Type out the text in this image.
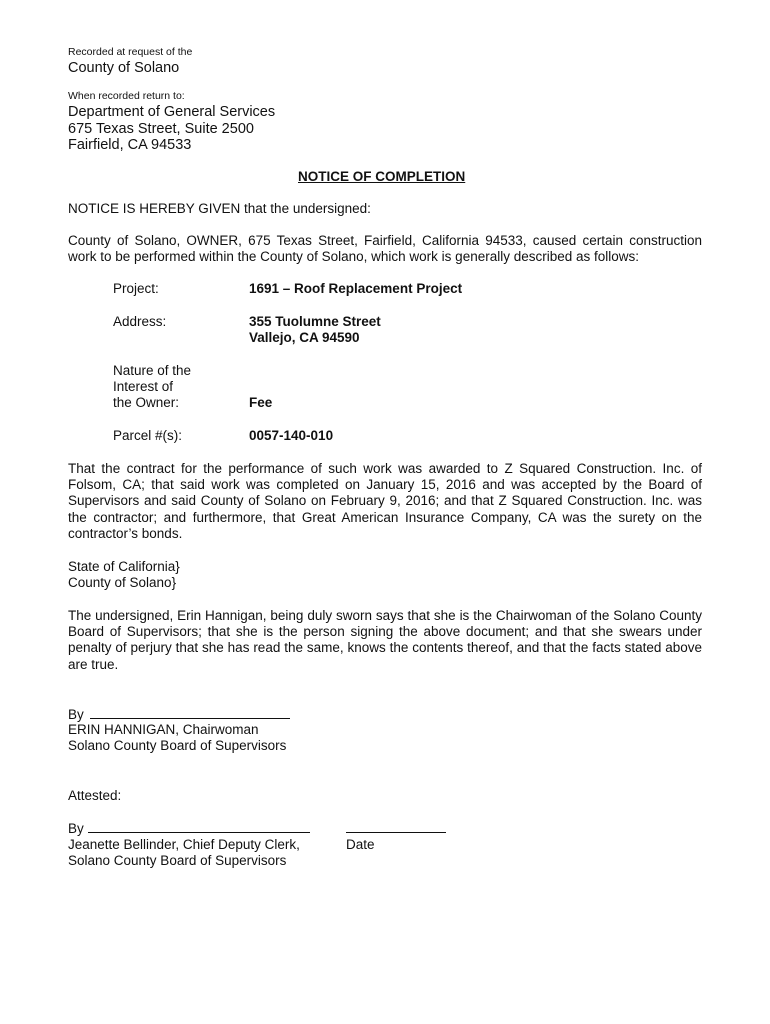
Recorded at request of the
County of Solano
When recorded return to:
Department of General Services
675 Texas Street, Suite 2500
Fairfield, CA 94533
NOTICE OF COMPLETION
NOTICE IS HEREBY GIVEN that the undersigned:
County of Solano, OWNER, 675 Texas Street, Fairfield, California 94533, caused certain construction work to be performed within the County of Solano, which work is generally described as follows:
Project:	1691 – Roof Replacement Project
Address:	355 Tuolumne Street
Vallejo, CA 94590
Nature of the
Interest of
the Owner:	Fee
Parcel #(s):	0057-140-010
That the contract for the performance of such work was awarded to Z Squared Construction. Inc. of Folsom, CA; that said work was completed on January 15, 2016 and was accepted by the Board of Supervisors and said County of Solano on February 9, 2016; and that Z Squared Construction. Inc. was the contractor; and furthermore, that Great American Insurance Company, CA was the surety on the contractor’s bonds.
State of California}
County of Solano}
The undersigned, Erin Hannigan, being duly sworn says that she is the Chairwoman of the Solano County Board of Supervisors; that she is the person signing the above document; and that she swears under penalty of perjury that she has read the same, knows the contents thereof, and that the facts stated above are true.
By
ERIN HANNIGAN, Chairwoman
Solano County Board of Supervisors
Attested:
By
Jeanette Bellinder, Chief Deputy Clerk,	Date
Solano County Board of Supervisors
